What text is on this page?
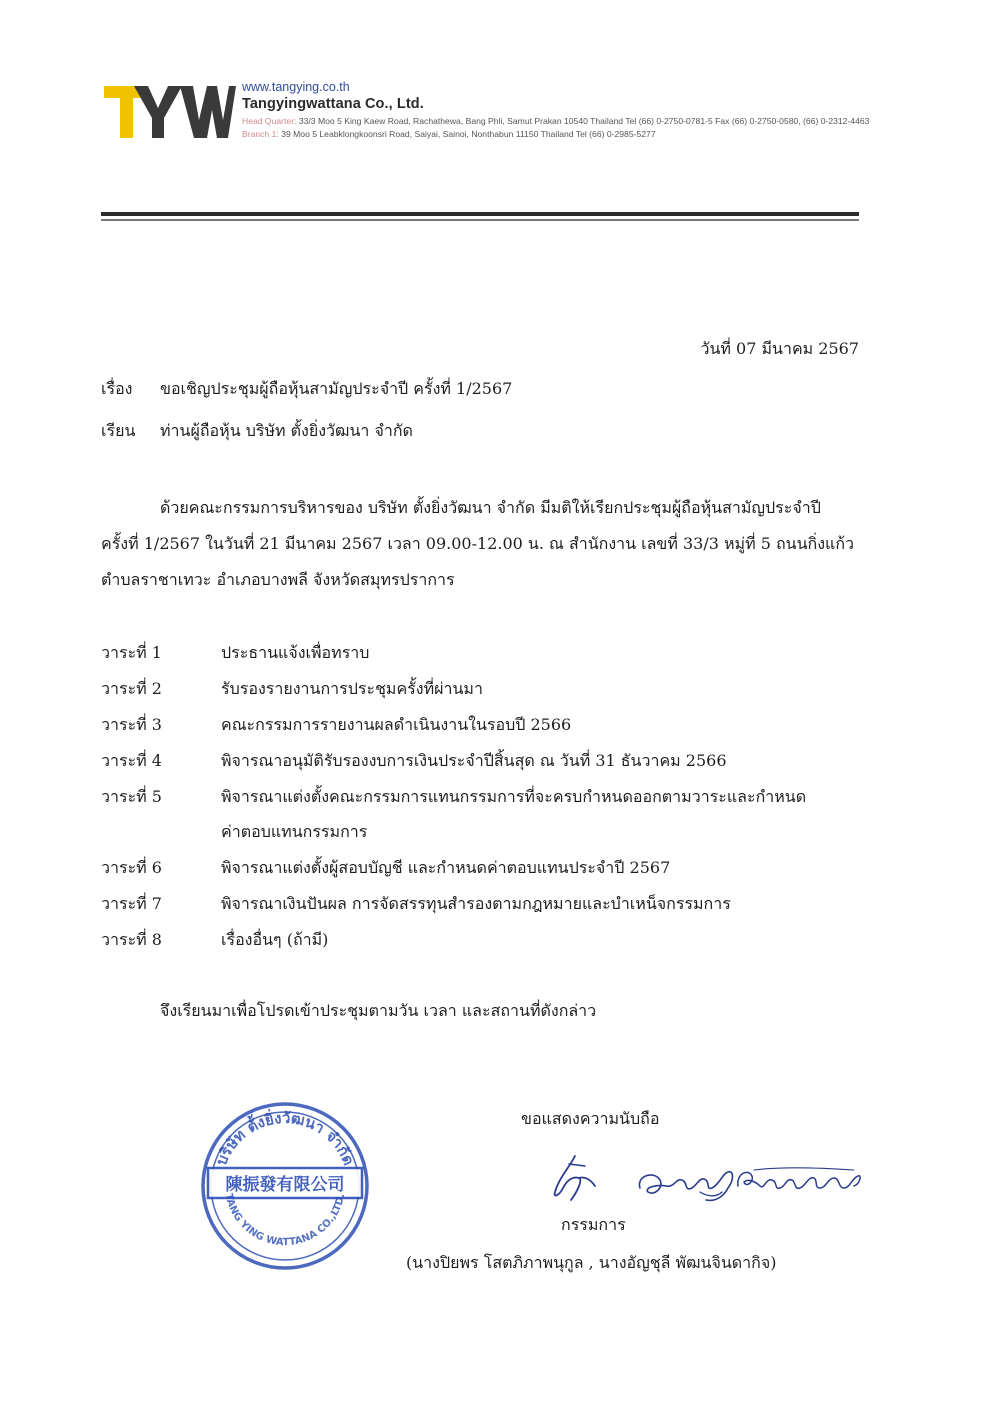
www.tangying.co.th
Tangyingwattana Co., Ltd.
Head Quarter: 33/3 Moo 5 King Kaew Road, Rachathewa, Bang Phli, Samut Prakan 10540 Thailand Tel (66) 0-2750-0781-5 Fax (66) 0-2750-0580, (66) 0-2312-4463
Branch 1: 39 Moo 5 Leabklongkoonsri Road, Saiyai, Sainoi, Nonthabun 11150 Thailand Tel (66) 0-2985-5277
วันที่ 07 มีนาคม 2567
เรื่อง ขอเชิญประชุมผู้ถือหุ้นสามัญประจำปี ครั้งที่ 1/2567
เรียน ท่านผู้ถือหุ้น บริษัท ตั้งยิ่งวัฒนา จำกัด
ด้วยคณะกรรมการบริหารของ บริษัท ตั้งยิ่งวัฒนา จำกัด มีมติให้เรียกประชุมผู้ถือหุ้นสามัญประจำปี
ครั้งที่ 1/2567 ในวันที่ 21 มีนาคม 2567 เวลา 09.00-12.00 น. ณ สำนักงาน เลขที่ 33/3 หมู่ที่ 5 ถนนกิ่งแก้ว
ตำบลราชาเทวะ อำเภอบางพลี จังหวัดสมุทรปราการ
วาระที่ 1	ประธานแจ้งเพื่อทราบ
วาระที่ 2	รับรองรายงานการประชุมครั้งที่ผ่านมา
วาระที่ 3	คณะกรรมการรายงานผลดำเนินงานในรอบปี 2566
วาระที่ 4	พิจารณาอนุมัติรับรองงบการเงินประจำปีสิ้นสุด ณ วันที่ 31 ธันวาคม 2566
วาระที่ 5	พิจารณาแต่งตั้งคณะกรรมการแทนกรรมการที่จะครบกำหนดออกตามวาระและกำหนด
ค่าตอบแทนกรรมการ
วาระที่ 6	พิจารณาแต่งตั้งผู้สอบบัญชี และกำหนดค่าตอบแทนประจำปี 2567
วาระที่ 7	พิจารณาเงินปันผล การจัดสรรทุนสำรองตามกฎหมายและบำเหน็จกรรมการ
วาระที่ 8	เรื่องอื่นๆ (ถ้ามี)
จึงเรียนมาเพื่อโปรดเข้าประชุมตามวัน เวลา และสถานที่ดังกล่าว
ขอแสดงความนับถือ
บริษัท ตั้งยิ่งวัฒนา จำกัด
陳振發有限公司
TANG YING WATTANA CO.,LTD.
กรรมการ
(นางปิยพร โสตภิภาพนุกูล , นางอัญชุลี พัฒนจินดากิจ)
